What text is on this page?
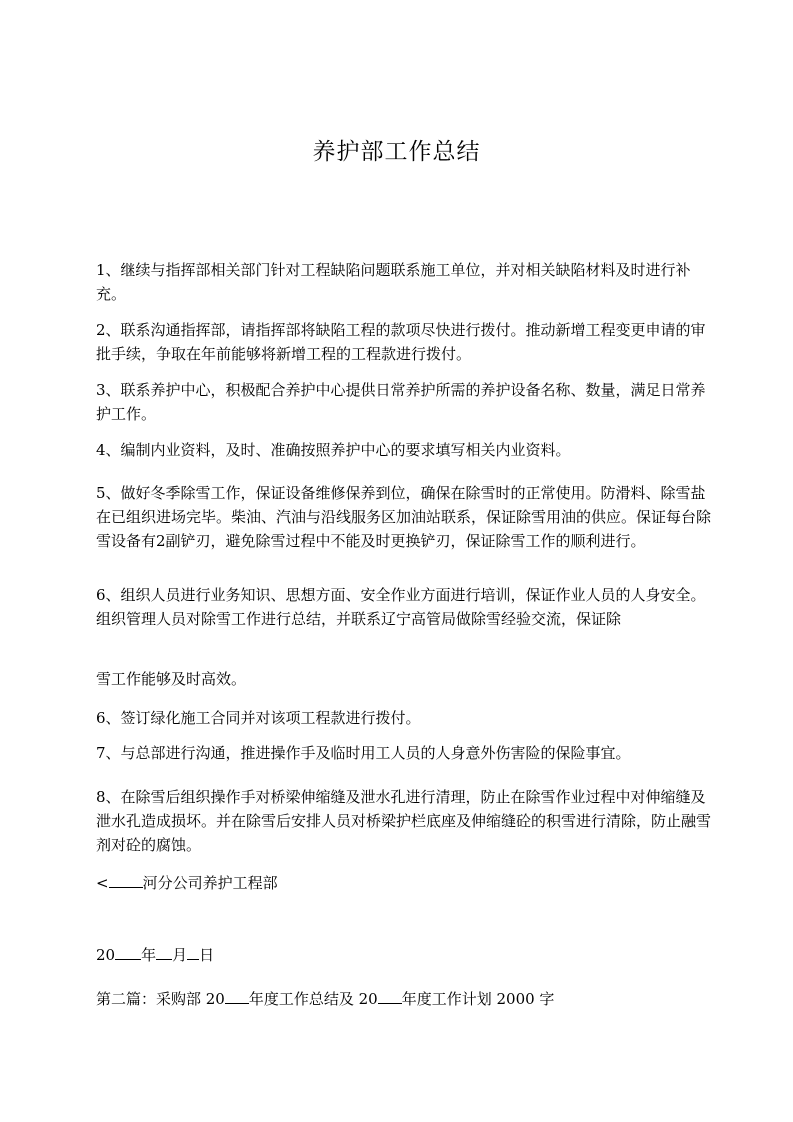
养护部工作总结

1、继续与指挥部相关部门针对工程缺陷问题联系施工单位，并对相关缺陷材料及时进行补充。

2、联系沟通指挥部，请指挥部将缺陷工程的款项尽快进行拨付。推动新增工程变更申请的审批手续，争取在年前能够将新增工程的工程款进行拨付。

3、联系养护中心，积极配合养护中心提供日常养护所需的养护设备名称、数量，满足日常养护工作。

4、编制内业资料，及时、准确按照养护中心的要求填写相关内业资料。

5、做好冬季除雪工作，保证设备维修保养到位，确保在除雪时的正常使用。防滑料、除雪盐在已组织进场完毕。柴油、汽油与沿线服务区加油站联系，保证除雪用油的供应。保证每台除雪设备有2副铲刃，避免除雪过程中不能及时更换铲刃，保证除雪工作的顺利进行。

6、组织人员进行业务知识、思想方面、安全作业方面进行培训，保证作业人员的人身安全。组织管理人员对除雪工作进行总结，并联系辽宁高管局做除雪经验交流，保证除

雪工作能够及时高效。

6、签订绿化施工合同并对该项工程款进行拨付。

7、与总部进行沟通，推进操作手及临时用工人员的人身意外伤害险的保险事宜。

8、在除雪后组织操作手对桥梁伸缩缝及泄水孔进行清理，防止在除雪作业过程中对伸缩缝及泄水孔造成损坏。并在除雪后安排人员对桥梁护栏底座及伸缩缝砼的积雪进行清除，防止融雪剂对砼的腐蚀。

< 河分公司养护工程部

20 年 月 日

第二篇：采购部 20 年度工作总结及 20 年度工作计划 2000 字
